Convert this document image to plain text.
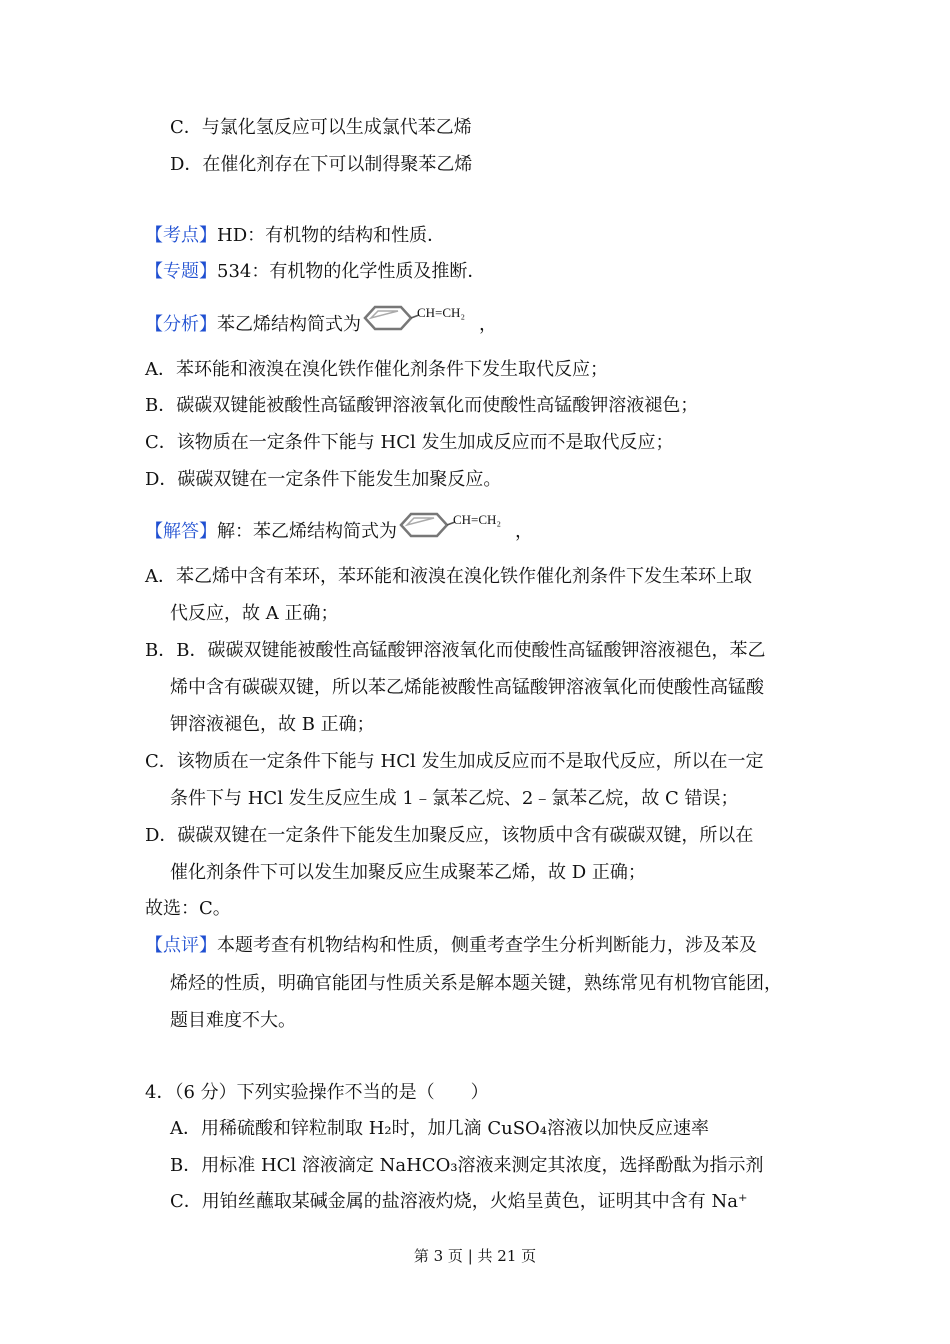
C．与氯化氢反应可以生成氯代苯乙烯
D．在催化剂存在下可以制得聚苯乙烯
【考点】HD：有机物的结构和性质．
【专题】534：有机物的化学性质及推断．
【分析】苯乙烯结构简式为
CH=CH₂
，
A．苯环能和液溴在溴化铁作催化剂条件下发生取代反应；
B．碳碳双键能被酸性高锰酸钾溶液氧化而使酸性高锰酸钾溶液褪色；
C．该物质在一定条件下能与 HCl 发生加成反应而不是取代反应；
D．碳碳双键在一定条件下能发生加聚反应。
【解答】解：苯乙烯结构简式为
CH=CH₂
，
A．苯乙烯中含有苯环，苯环能和液溴在溴化铁作催化剂条件下发生苯环上取
代反应，故 A 正确；
B．B．碳碳双键能被酸性高锰酸钾溶液氧化而使酸性高锰酸钾溶液褪色，苯乙
烯中含有碳碳双键，所以苯乙烯能被酸性高锰酸钾溶液氧化而使酸性高锰酸
钾溶液褪色，故 B 正确；
C．该物质在一定条件下能与 HCl 发生加成反应而不是取代反应，所以在一定
条件下与 HCl 发生反应生成 1﹣氯苯乙烷、2﹣氯苯乙烷，故 C 错误；
D．碳碳双键在一定条件下能发生加聚反应，该物质中含有碳碳双键，所以在
催化剂条件下可以发生加聚反应生成聚苯乙烯，故 D 正确；
故选：C。
【点评】本题考查有机物结构和性质，侧重考查学生分析判断能力，涉及苯及
烯烃的性质，明确官能团与性质关系是解本题关键，熟练常见有机物官能团，
题目难度不大。
4．（6 分）下列实验操作不当的是（　　）
A．用稀硫酸和锌粒制取 H₂时，加几滴 CuSO₄溶液以加快反应速率
B．用标准 HCl 溶液滴定 NaHCO₃溶液来测定其浓度，选择酚酞为指示剂
C．用铂丝蘸取某碱金属的盐溶液灼烧，火焰呈黄色，证明其中含有 Na⁺
第 3 页 | 共 21 页
